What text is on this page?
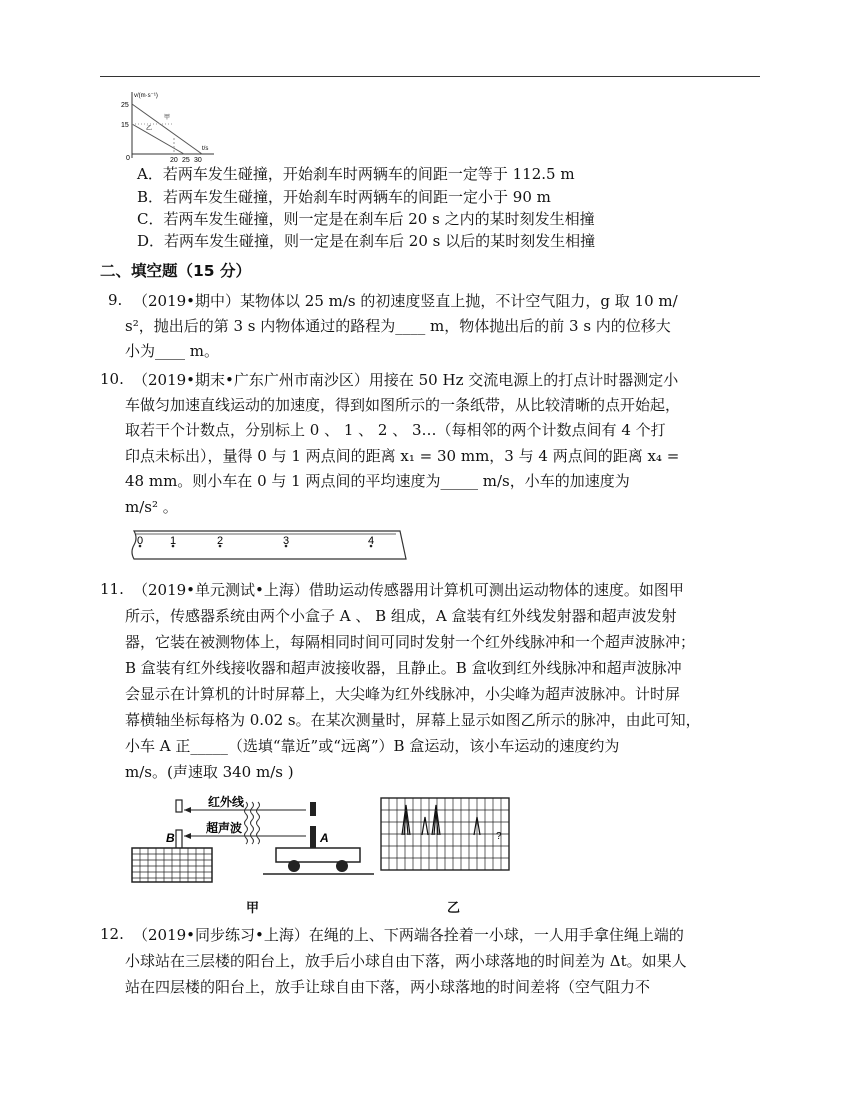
v/(m·s⁻¹)
25
15
0
甲
乙
20 25 30
t/s
A．若两车发生碰撞，开始刹车时两辆车的间距一定等于 112.5 m
B．若两车发生碰撞，开始刹车时两辆车的间距一定小于 90 m
C．若两车发生碰撞，则一定是在刹车后 20 s 之内的某时刻发生相撞
D．若两车发生碰撞，则一定是在刹车后 20 s 以后的某时刻发生相撞
二、填空题（15 分）
9. （2019•期中）某物体以 25 m/s 的初速度竖直上抛，不计空气阻力，g 取 10 m/
s²，抛出后的第 3 s 内物体通过的路程为____ m，物体抛出后的前 3 s 内的位移大
小为____ m。
10. （2019•期末•广东广州市南沙区）用接在 50 Hz 交流电源上的打点计时器测定小
车做匀加速直线运动的加速度，得到如图所示的一条纸带，从比较清晰的点开始起，
取若干个计数点，分别标上 0 、 1 、 2 、 3…（每相邻的两个计数点间有 4 个打
印点未标出），量得 0 与 1 两点间的距离 x₁ = 30 mm，3 与 4 两点间的距离 x₄ =
48 mm。则小车在 0 与 1 两点间的平均速度为_____ m/s，小车的加速度为
m/s² 。
0 1	2	3	4
11. （2019•单元测试•上海）借助运动传感器用计算机可测出运动物体的速度。如图甲
所示，传感器系统由两个小盒子 A 、 B 组成，A 盒装有红外线发射器和超声波发射
器，它装在被测物体上，每隔相同时间可同时发射一个红外线脉冲和一个超声波脉冲；
B 盒装有红外线接收器和超声波接收器，且静止。B 盒收到红外线脉冲和超声波脉冲
会显示在计算机的计时屏幕上，大尖峰为红外线脉冲，小尖峰为超声波脉冲。计时屏
幕横轴坐标每格为 0.02 s。在某次测量时，屏幕上显示如图乙所示的脉冲，由此可知，
小车 A 正_____（选填“靠近”或“远离”）B 盒运动，该小车运动的速度约为
m/s。(声速取 340 m/s )
B
红外线
超声波
A	?
甲	乙
12. （2019•同步练习•上海）在绳的上、下两端各拴着一小球，一人用手拿住绳上端的
小球站在三层楼的阳台上，放手后小球自由下落，两小球落地的时间差为 Δt。如果人
站在四层楼的阳台上，放手让球自由下落，两小球落地的时间差将（空气阻力不
